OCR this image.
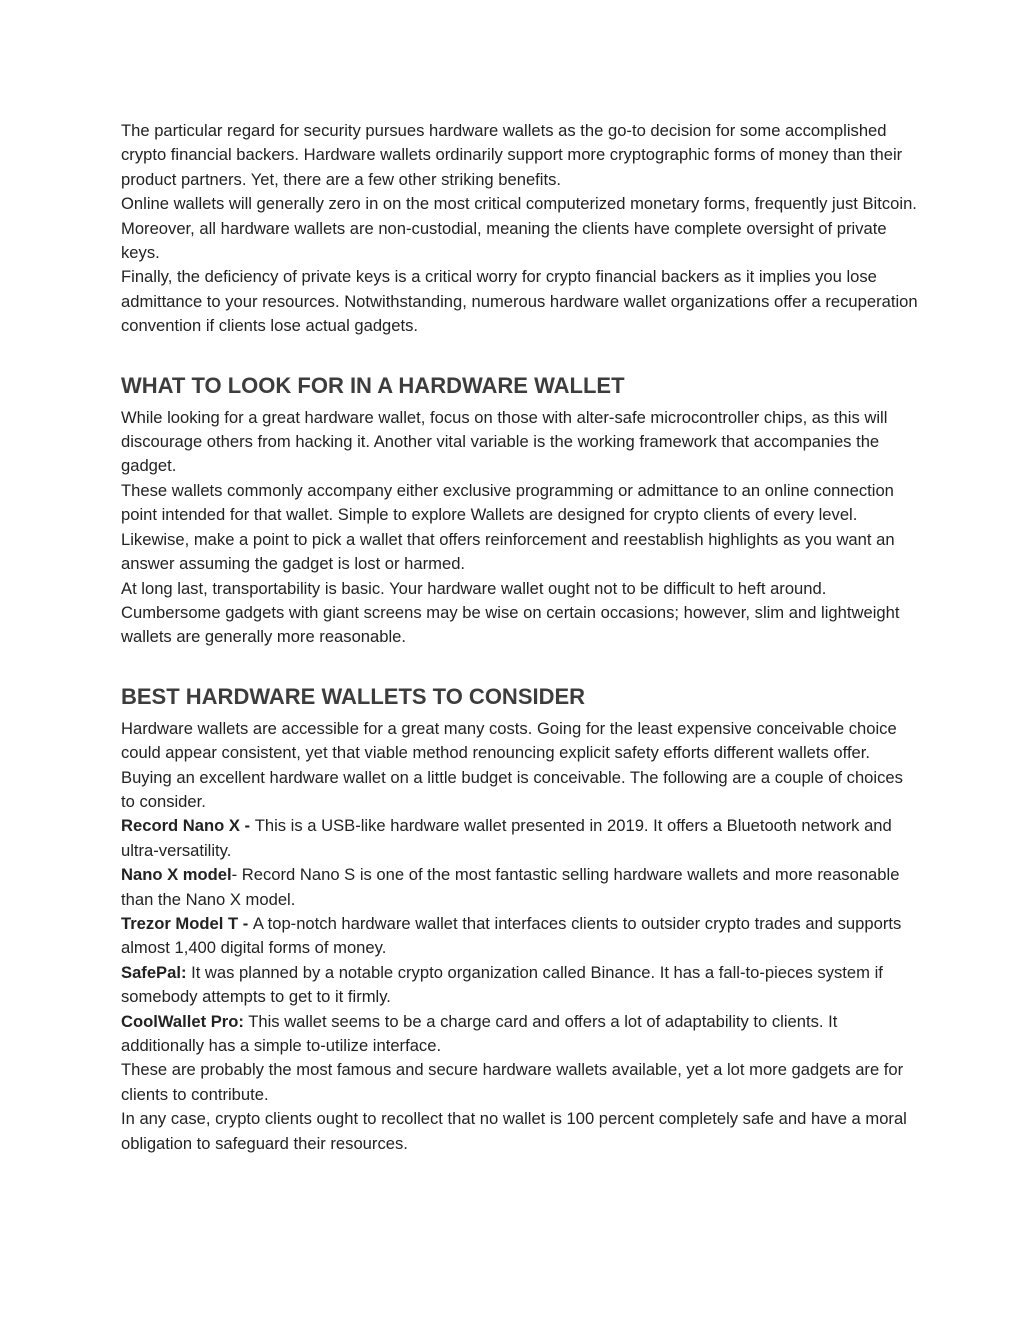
The particular regard for security pursues hardware wallets as the go-to decision for some accomplished crypto financial backers. Hardware wallets ordinarily support more cryptographic forms of money than their product partners. Yet, there are a few other striking benefits.

Online wallets will generally zero in on the most critical computerized monetary forms, frequently just Bitcoin. Moreover, all hardware wallets are non-custodial, meaning the clients have complete oversight of private keys.

Finally, the deficiency of private keys is a critical worry for crypto financial backers as it implies you lose admittance to your resources. Notwithstanding, numerous hardware wallet organizations offer a recuperation convention if clients lose actual gadgets.

WHAT TO LOOK FOR IN A HARDWARE WALLET

While looking for a great hardware wallet, focus on those with alter-safe microcontroller chips, as this will discourage others from hacking it. Another vital variable is the working framework that accompanies the gadget.

These wallets commonly accompany either exclusive programming or admittance to an online connection point intended for that wallet. Simple to explore Wallets are designed for crypto clients of every level.

Likewise, make a point to pick a wallet that offers reinforcement and reestablish highlights as you want an answer assuming the gadget is lost or harmed.

At long last, transportability is basic. Your hardware wallet ought not to be difficult to heft around. Cumbersome gadgets with giant screens may be wise on certain occasions; however, slim and lightweight wallets are generally more reasonable.

BEST HARDWARE WALLETS TO CONSIDER

Hardware wallets are accessible for a great many costs. Going for the least expensive conceivable choice could appear consistent, yet that viable method renouncing explicit safety efforts different wallets offer.

Buying an excellent hardware wallet on a little budget is conceivable. The following are a couple of choices to consider.

Record Nano X - This is a USB-like hardware wallet presented in 2019. It offers a Bluetooth network and ultra-versatility.

Nano X model- Record Nano S is one of the most fantastic selling hardware wallets and more reasonable than the Nano X model.

Trezor Model T - A top-notch hardware wallet that interfaces clients to outsider crypto trades and supports almost 1,400 digital forms of money.

SafePal: It was planned by a notable crypto organization called Binance. It has a fall-to-pieces system if somebody attempts to get to it firmly.

CoolWallet Pro: This wallet seems to be a charge card and offers a lot of adaptability to clients. It additionally has a simple to-utilize interface.

These are probably the most famous and secure hardware wallets available, yet a lot more gadgets are for clients to contribute.

In any case, crypto clients ought to recollect that no wallet is 100 percent completely safe and have a moral obligation to safeguard their resources.
